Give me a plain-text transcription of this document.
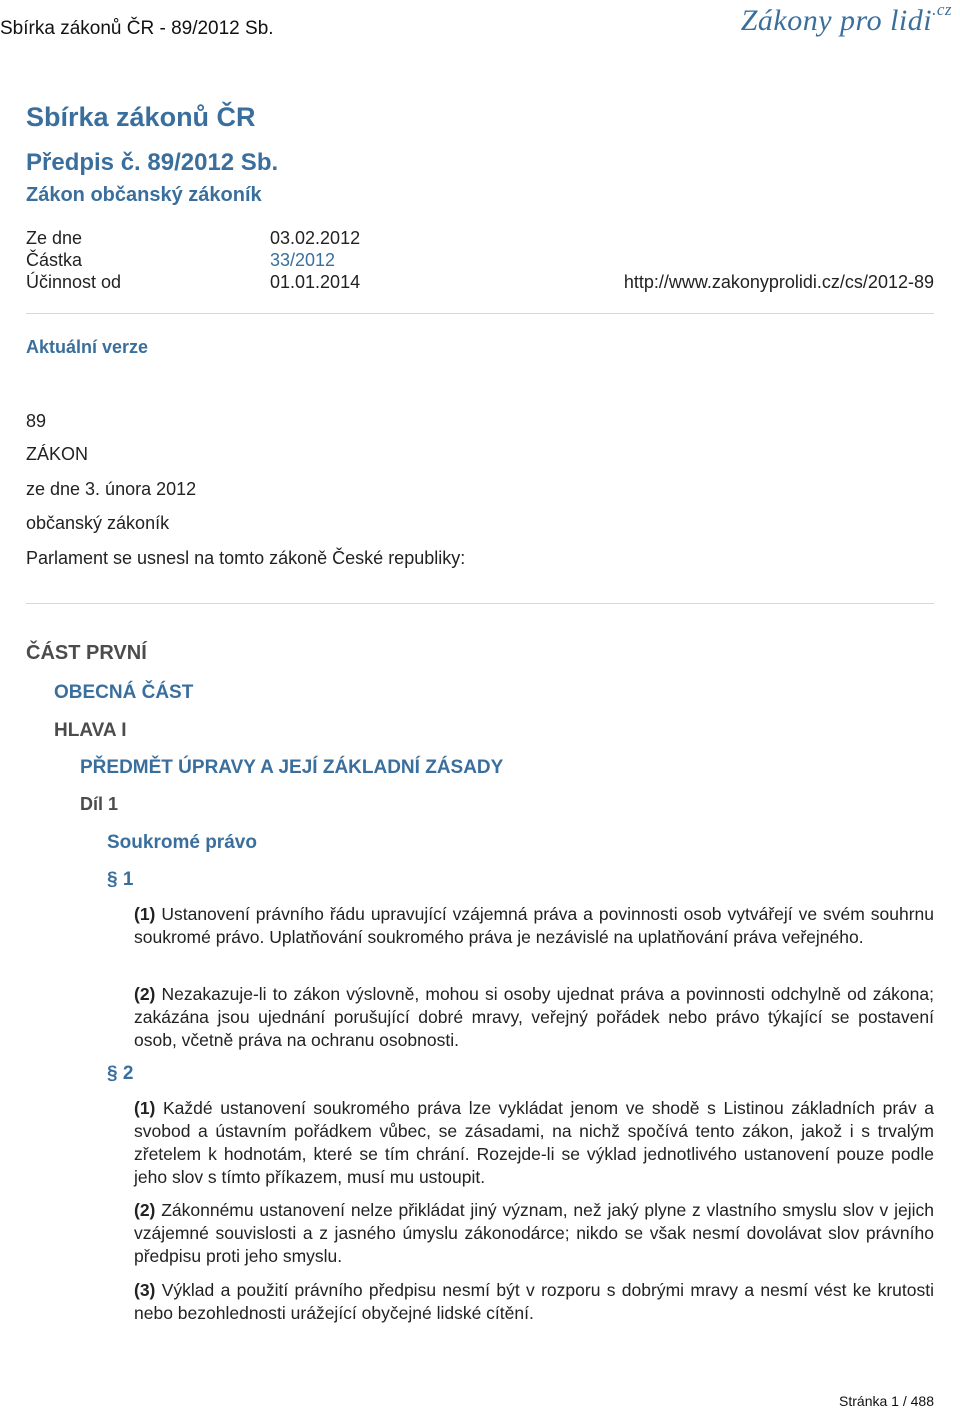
Sbírka zákonů ČR - 89/2012 Sb.	Zákony pro lidi$^{.cz}$
Sbírka zákonů ČR
Předpis č. 89/2012 Sb.
Zákon občanský zákoník
Ze dne	03.02.2012
Částka	33/2012
Účinnost od	01.01.2014	http://www.zakonyprolidi.cz/cs/2012-89
Aktuální verze
89
ZÁKON
ze dne 3. února 2012
občanský zákoník
Parlament se usnesl na tomto zákoně České republiky:
ČÁST PRVNÍ
OBECNÁ ČÁST
HLAVA I
PŘEDMĚT ÚPRAVY A JEJÍ ZÁKLADNÍ ZÁSADY
Díl 1
Soukromé právo
§ 1
(1) Ustanovení právního řádu upravující vzájemná práva a povinnosti osob vytvářejí ve svém souhrnu soukromé právo. Uplatňování soukromého práva je nezávislé na uplatňování práva veřejného.
(2) Nezakazuje-li to zákon výslovně, mohou si osoby ujednat práva a povinnosti odchylně od zákona; zakázána jsou ujednání porušující dobré mravy, veřejný pořádek nebo právo týkající se postavení osob, včetně práva na ochranu osobnosti.
§ 2
(1) Každé ustanovení soukromého práva lze vykládat jenom ve shodě s Listinou základních práv a svobod a ústavním pořádkem vůbec, se zásadami, na nichž spočívá tento zákon, jakož i s trvalým zřetelem k hodnotám, které se tím chrání. Rozejde-li se výklad jednotlivého ustanovení pouze podle jeho slov s tímto příkazem, musí mu ustoupit.
(2) Zákonnému ustanovení nelze přikládat jiný význam, než jaký plyne z vlastního smyslu slov v jejich vzájemné souvislosti a z jasného úmyslu zákonodárce; nikdo se však nesmí dovolávat slov právního předpisu proti jeho smyslu.
(3) Výklad a použití právního předpisu nesmí být v rozporu s dobrými mravy a nesmí vést ke krutosti nebo bezohlednosti urážející obyčejné lidské cítění.
Stránka 1 / 488
